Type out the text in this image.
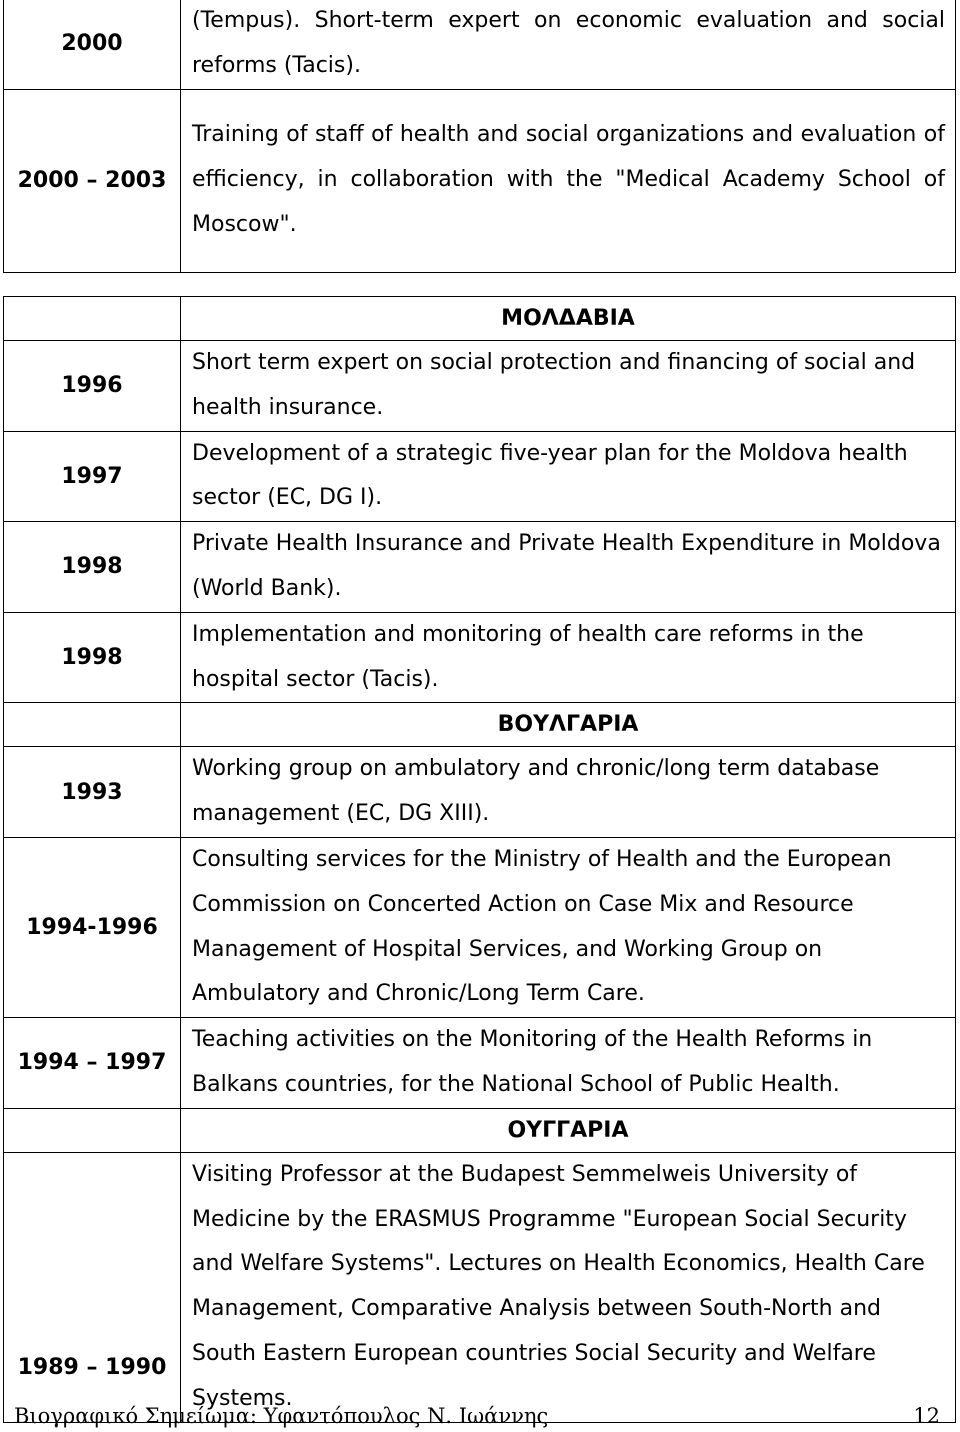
2000	(Tempus). Short-term expert on economic evaluation and social reforms (Tacis).
2000 – 2003	Training of staff of health and social organizations and evaluation of efficiency, in collaboration with the "Medical Academy School of Moscow".
	ΜΟΛΔΑΒΙΑ
1996	Short term expert on social protection and financing of social and health insurance.
1997	Development of a strategic five-year plan for the Moldova health sector (EC, DG I).
1998	Private Health Insurance and Private Health Expenditure in Moldova (World Bank).
1998	Implementation and monitoring of health care reforms in the hospital sector (Tacis).
	ΒΟΥΛΓΑΡΙΑ
1993	Working group on ambulatory and chronic/long term database management (EC, DG XIII).
1994-1996	Consulting services for the Ministry of Health and the European Commission on Concerted Action on Case Mix and Resource Management of Hospital Services, and Working Group on Ambulatory and Chronic/Long Term Care.
1994 – 1997	Teaching activities on the Monitoring of the Health Reforms in Balkans countries, for the National School of Public Health.
	ΟΥΓΓΑΡΙΑ
1989 – 1990	Visiting Professor at the Budapest Semmelweis University of Medicine by the ERASMUS Programme "European Social Security and Welfare Systems". Lectures on Health Economics, Health Care Management, Comparative Analysis between South-North and South Eastern European countries Social Security and Welfare Systems.
Βιογραφικό Σημείωμα: Υφαντόπουλος Ν. Ιωάννης	12
